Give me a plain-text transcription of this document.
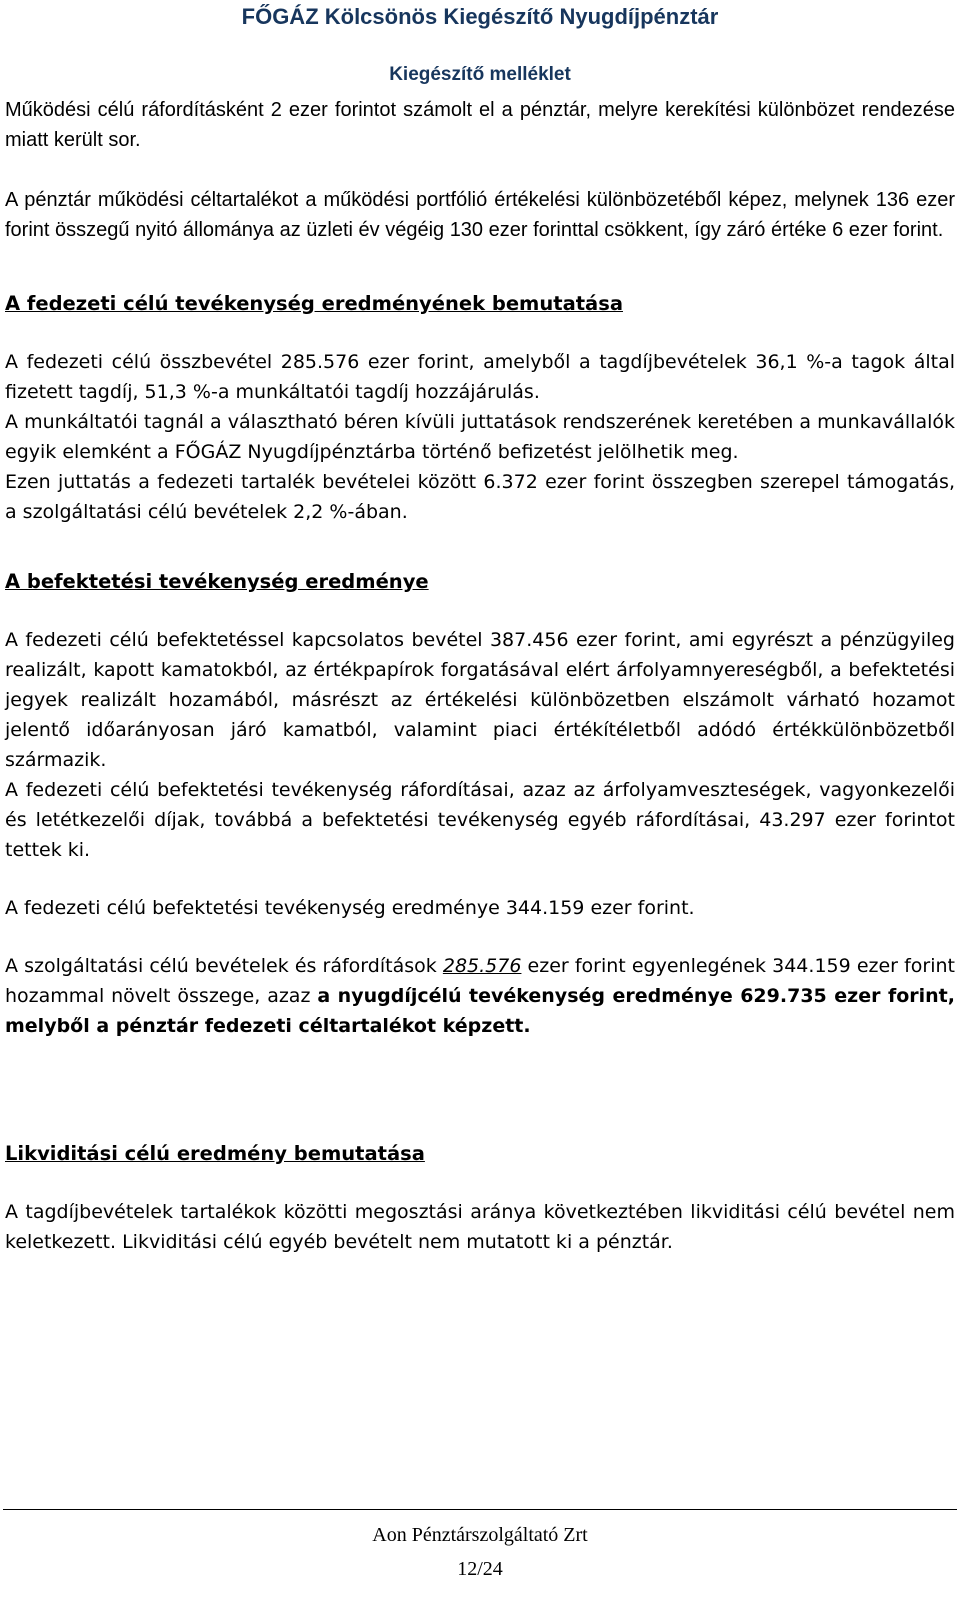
FŐGÁZ Kölcsönös Kiegészítő Nyugdíjpénztár
Kiegészítő melléklet

Működési célú ráfordításként 2 ezer forintot számolt el a pénztár, melyre kerekítési különbözet rendezése miatt került sor.

A pénztár működési céltartalékot a működési portfólió értékelési különbözetéből képez, melynek 136 ezer forint összegű nyitó állománya az üzleti év végéig 130 ezer forinttal csökkent, így záró értéke 6 ezer forint.

A fedezeti célú tevékenység eredményének bemutatása

A fedezeti célú összbevétel 285.576 ezer forint, amelyből a tagdíjbevételek 36,1 %-a tagok által fizetett tagdíj, 51,3 %-a munkáltatói tagdíj hozzájárulás.

A munkáltatói tagnál a választható béren kívüli juttatások rendszerének keretében a munkavállalók egyik elemként a FŐGÁZ Nyugdíjpénztárba történő befizetést jelölhetik meg.

Ezen juttatás a fedezeti tartalék bevételei között 6.372 ezer forint összegben szerepel támogatás, a szolgáltatási célú bevételek 2,2 %-ában.

A befektetési tevékenység eredménye

A fedezeti célú befektetéssel kapcsolatos bevétel 387.456 ezer forint, ami egyrészt a pénzügyileg realizált, kapott kamatokból, az értékpapírok forgatásával elért árfolyamnyereségből, a befektetési jegyek realizált hozamából, másrészt az értékelési különbözetben elszámolt várható hozamot jelentő időarányosan járó kamatból, valamint piaci értékítéletből adódó értékkülönbözetből származik.

A fedezeti célú befektetési tevékenység ráfordításai, azaz az árfolyamveszteségek, vagyonkezelői és letétkezelői díjak, továbbá a befektetési tevékenység egyéb ráfordításai, 43.297 ezer forintot tettek ki.

A fedezeti célú befektetési tevékenység eredménye 344.159 ezer forint.

A szolgáltatási célú bevételek és ráfordítások 285.576 ezer forint egyenlegének 344.159 ezer forint hozammal növelt összege, azaz a nyugdíjcélú tevékenység eredménye 629.735 ezer forint, melyből a pénztár fedezeti céltartalékot képzett.

Likviditási célú eredmény bemutatása

A tagdíjbevételek tartalékok közötti megosztási aránya következtében likviditási célú bevétel nem keletkezett. Likviditási célú egyéb bevételt nem mutatott ki a pénztár.

Aon Pénztárszolgáltató Zrt
12/24
